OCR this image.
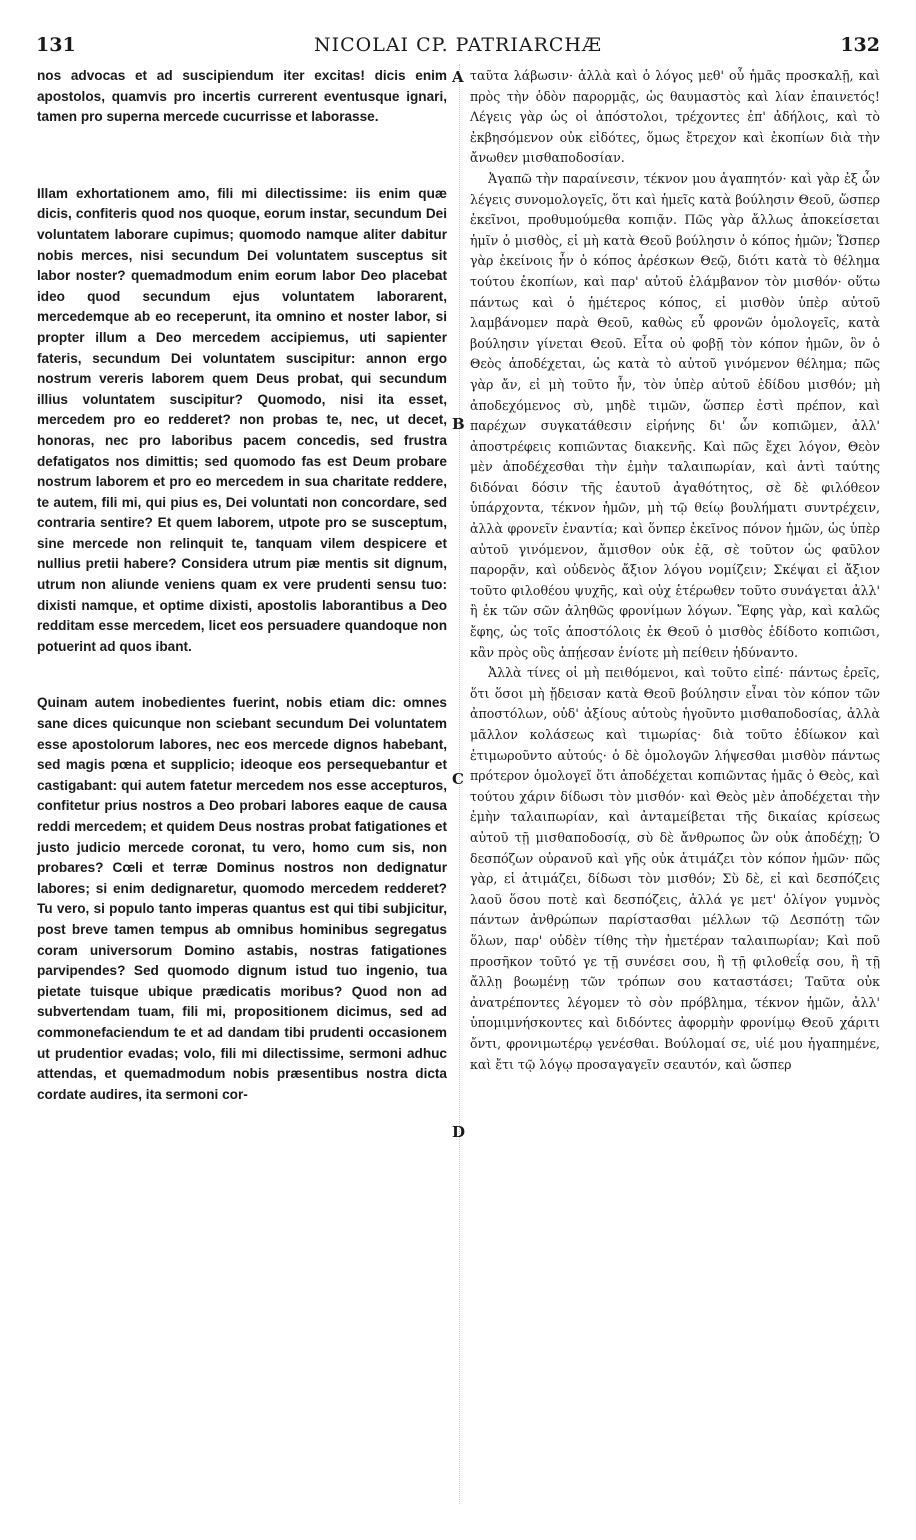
131	NICOLAI CP. PATRIARCHÆ	132
A
B
C
D

nos advocas et ad suscipiendum iter excitas! dicis enim apostolos, quamvis pro incertis currerent eventusque ignari, tamen pro superna mercede cucurrisse et laborasse.

Illam exhortationem amo, fili mi dilectissime: iis enim quæ dicis, confiteris quod nos quoque, eorum instar, secundum Dei voluntatem laborare cupimus; quomodo namque aliter dabitur nobis merces, nisi secundum Dei voluntatem susceptus sit labor noster? quemadmodum enim eorum labor Deo placebat ideo quod secundum ejus voluntatem laborarent, mercedemque ab eo receperunt, ita omnino et noster labor, si propter illum a Deo mercedem accipiemus, uti sapienter fateris, secundum Dei voluntatem suscipitur: annon ergo nostrum vereris laborem quem Deus probat, qui secundum illius voluntatem suscipitur? Quomodo, nisi ita esset, mercedem pro eo redderet? non probas te, nec, ut decet, honoras, nec pro laboribus pacem concedis, sed frustra defatigatos nos dimittis; sed quomodo fas est Deum probare nostrum laborem et pro eo mercedem in sua charitate reddere, te autem, fili mi, qui pius es, Dei voluntati non concordare, sed contraria sentire? Et quem laborem, utpote pro se susceptum, sine mercede non relinquit te, tanquam vilem despicere et nullius pretii habere? Considera utrum piæ mentis sit dignum, utrum non aliunde veniens quam ex vere prudenti sensu tuo: dixisti namque, et optime dixisti, apostolis laborantibus a Deo redditam esse mercedem, licet eos persuadere quandoque non potuerint ad quos ibant.

Quinam autem inobedientes fuerint, nobis etiam dic: omnes sane dices quicunque non sciebant secundum Dei voluntatem esse apostolorum labores, nec eos mercede dignos habebant, sed magis pœna et supplicio; ideoque eos persequebantur et castigabant: qui autem fatetur mercedem nos esse accepturos, confitetur prius nostros a Deo probari labores eaque de causa reddi mercedem; et quidem Deus nostras probat fatigationes et justo judicio mercede coronat, tu vero, homo cum sis, non probares? Cœli et terræ Dominus nostros non dedignatur labores; si enim dedignaretur, quomodo mercedem redderet? Tu vero, si populo tanto imperas quantus est qui tibi subjicitur, post breve tamen tempus ab omnibus hominibus segregatus coram universorum Domino astabis, nostras fatigationes parvipendes? Sed quomodo dignum istud tuo ingenio, tua pietate tuisque ubique prædicatis moribus? Quod non ad subvertendam tuam, fili mi, propositionem dicimus, sed ad commonefaciendum te et ad dandam tibi prudenti occasionem ut prudentior evadas; volo, fili mi dilectissime, sermoni adhuc attendas, et quemadmodum nobis præsentibus nostra dicta cordate audires, ita sermoni cor-

ταῦτα λάβωσιν· ἀλλὰ καὶ ὁ λόγος μεθ' οὗ ἡμᾶς προσκαλῇ, καὶ πρὸς τὴν ὁδὸν παρορμᾷς, ὡς θαυμαστὸς καὶ λίαν ἐπαινετός! Λέγεις γὰρ ὡς οἱ ἀπόστολοι, τρέχοντες ἐπ' ἀδήλοις, καὶ τὸ ἐκβησόμενον οὐκ εἰδότες, ὅμως ἔτρεχον καὶ ἐκοπίων διὰ τὴν ἄνωθεν μισθαποδοσίαν.

Ἀγαπῶ τὴν παραίνεσιν, τέκνον μου ἀγαπητόν· καὶ γὰρ ἐξ ὧν λέγεις συνομολογεῖς, ὅτι καὶ ἡμεῖς κατὰ βούλησιν Θεοῦ, ὥσπερ ἐκεῖνοι, προθυμούμεθα κοπιᾷν. Πῶς γὰρ ἄλλως ἀποκείσεται ἡμῖν ὁ μισθὸς, εἰ μὴ κατὰ Θεοῦ βούλησιν ὁ κόπος ἡμῶν; Ὥσπερ γὰρ ἐκείνοις ἦν ὁ κόπος ἀρέσκων Θεῷ, διότι κατὰ τὸ θέλημα τούτου ἐκοπίων, καὶ παρ' αὐτοῦ ἐλάμβανον τὸν μισθόν· οὕτω πάντως καὶ ὁ ἡμέτερος κόπος, εἰ μισθὸν ὑπὲρ αὐτοῦ λαμβάνομεν παρὰ Θεοῦ, καθὼς εὖ φρονῶν ὁμολογεῖς, κατὰ βούλησιν γίνεται Θεοῦ. Εἶτα οὐ φοβῇ τὸν κόπον ἡμῶν, ὃν ὁ Θεὸς ἀποδέχεται, ὡς κατὰ τὸ αὐτοῦ γινόμενον θέλημα; πῶς γὰρ ἄν, εἰ μὴ τοῦτο ἦν, τὸν ὑπὲρ αὐτοῦ ἐδίδου μισθόν; μὴ ἀποδεχόμενος σὺ, μηδὲ τιμῶν, ὥσπερ ἐστὶ πρέπον, καὶ παρέχων συγκατάθεσιν εἰρήνης δι' ὧν κοπιῶμεν, ἀλλ' ἀποστρέφεις κοπιῶντας διακενῆς. Καὶ πῶς ἔχει λόγον, Θεὸν μὲν ἀποδέχεσθαι τὴν ἐμὴν ταλαιπωρίαν, καὶ ἀντὶ ταύτης διδόναι δόσιν τῆς ἑαυτοῦ ἀγαθότητος, σὲ δὲ φιλόθεον ὑπάρχοντα, τέκνον ἡμῶν, μὴ τῷ θείῳ βουλήματι συντρέχειν, ἀλλὰ φρονεῖν ἐναντία; καὶ ὅνπερ ἐκεῖνος πόνον ἡμῶν, ὡς ὑπὲρ αὐτοῦ γινόμενον, ἄμισθον οὐκ ἐᾷ, σὲ τοῦτον ὡς φαῦλον παρορᾷν, καὶ οὐδενὸς ἄξιον λόγου νομίζειν; Σκέψαι εἰ ἄξιον τοῦτο φιλοθέου ψυχῆς, καὶ οὐχ ἑτέρωθεν τοῦτο συνάγεται ἀλλ' ἢ ἐκ τῶν σῶν ἀληθῶς φρονίμων λόγων. Ἔφης γὰρ, καὶ καλῶς ἔφης, ὡς τοῖς ἀποστόλοις ἐκ Θεοῦ ὁ μισθὸς ἐδίδοτο κοπιῶσι, κἂν πρὸς οὓς ἀπῄεσαν ἐνίοτε μὴ πείθειν ἠδύναντο.

Ἀλλὰ τίνες οἱ μὴ πειθόμενοι, καὶ τοῦτο εἰπέ· πάντως ἐρεῖς, ὅτι ὅσοι μὴ ᾔδεισαν κατὰ Θεοῦ βούλησιν εἶναι τὸν κόπον τῶν ἀποστόλων, οὐδ' ἀξίους αὐτοὺς ἡγοῦντο μισθαποδοσίας, ἀλλὰ μᾶλλον κολάσεως καὶ τιμωρίας· διὰ τοῦτο ἐδίωκον καὶ ἐτιμωροῦντο αὐτούς· ὁ δὲ ὁμολογῶν λήψεσθαι μισθὸν πάντως πρότερον ὁμολογεῖ ὅτι ἀποδέχεται κοπιῶντας ἡμᾶς ὁ Θεὸς, καὶ τούτου χάριν δίδωσι τὸν μισθόν· καὶ Θεὸς μὲν ἀποδέχεται τὴν ἐμὴν ταλαιπωρίαν, καὶ ἀνταμείβεται τῆς δικαίας κρίσεως αὐτοῦ τῇ μισθαποδοσίᾳ, σὺ δὲ ἄνθρωπος ὢν οὐκ ἀποδέχῃ; Ὁ δεσπόζων οὐρανοῦ καὶ γῆς οὐκ ἀτιμάζει τὸν κόπον ἡμῶν· πῶς γὰρ, εἰ ἀτιμάζει, δίδωσι τὸν μισθόν; Σὺ δὲ, εἰ καὶ δεσπόζεις λαοῦ ὅσου ποτὲ καὶ δεσπόζεις, ἀλλά γε μετ' ὀλίγον γυμνὸς πάντων ἀνθρώπων παρίστασθαι μέλλων τῷ Δεσπότῃ τῶν ὅλων, παρ' οὐδὲν τίθης τὴν ἡμετέραν ταλαιπωρίαν; Καὶ ποῦ προσῆκον τοῦτό γε τῇ συνέσει σου, ἢ τῇ φιλοθεΐᾳ σου, ἢ τῇ ἄλλῃ βοωμένῃ τῶν τρόπων σου καταστάσει; Ταῦτα οὐκ ἀνατρέποντες λέγομεν τὸ σὸν πρόβλημα, τέκνον ἡμῶν, ἀλλ' ὑπομιμνήσκοντες καὶ διδόντες ἀφορμὴν φρονίμῳ Θεοῦ χάριτι ὄντι, φρονιμωτέρῳ γενέσθαι. Βούλομαί σε, υἱέ μου ἠγαπημένε, καὶ ἔτι τῷ λόγῳ προσαγαγεῖν σεαυτόν, καὶ ὥσπερ
